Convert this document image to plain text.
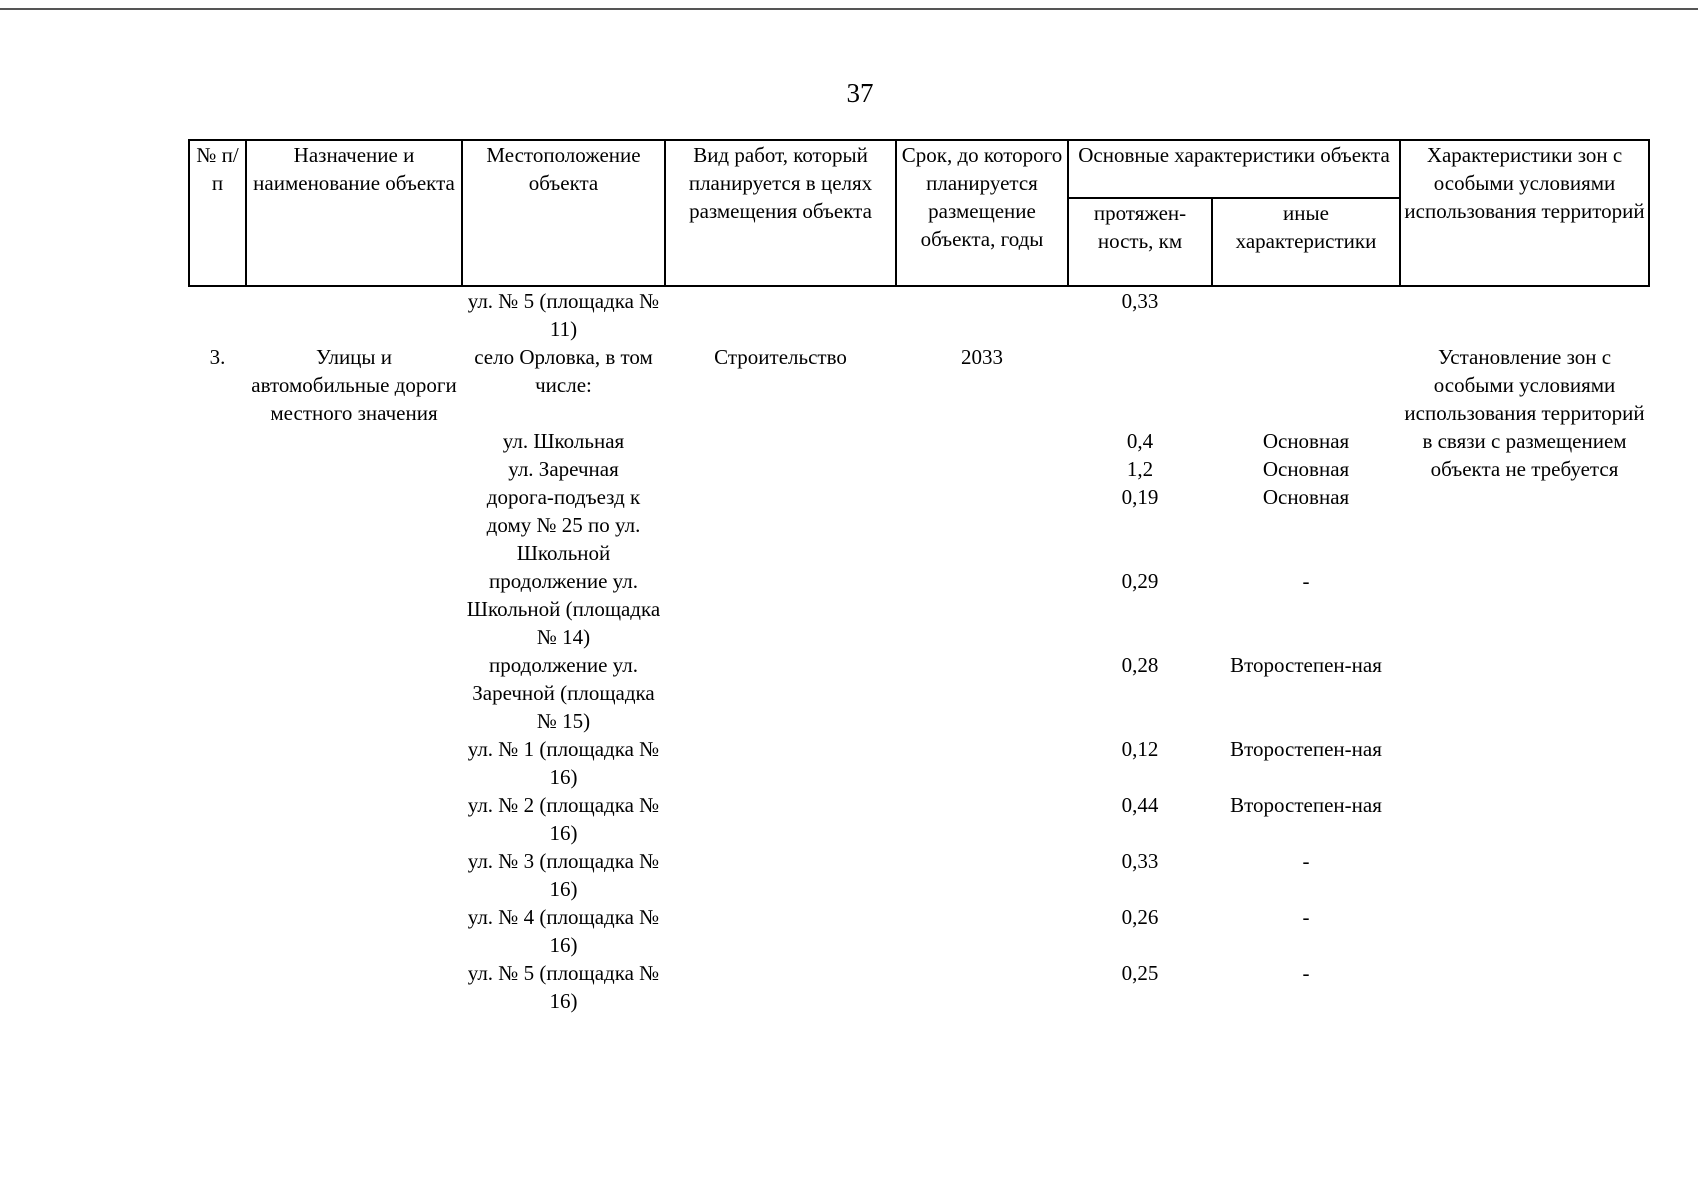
37
№ п/п	Назначение и наименование объекта	Местоположение объекта	Вид работ, который планируется в целях размещения объекта	Срок, до которого планируется размещение объекта, годы	Основные характеристики объекта		Характеристики зон с особыми условиями использования территорий
					протяжен-ность, км	иные характеристики	
		ул. № 5 (площадка № 11)			0,33		
3.	Улицы и автомобильные дороги местного значения	село Орловка, в том числе:	Строительство	2033			Установление зон с особыми условиями использования территорий в связи с размещением объекта не требуется
		ул. Школьная			0,4	Основная	
		ул. Заречная			1,2	Основная	
		дорога-подъезд к дому № 25 по ул. Школьной			0,19	Основная	
		продолжение ул. Школьной (площадка № 14)			0,29	-	
		продолжение ул. Заречной (площадка № 15)			0,28	Второстепен-ная	
		ул. № 1 (площадка № 16)			0,12	Второстепен-ная	
		ул. № 2 (площадка № 16)			0,44	Второстепен-ная	
		ул. № 3 (площадка № 16)			0,33	-	
		ул. № 4 (площадка № 16)			0,26	-	
		ул. № 5 (площадка № 16)			0,25	-	
